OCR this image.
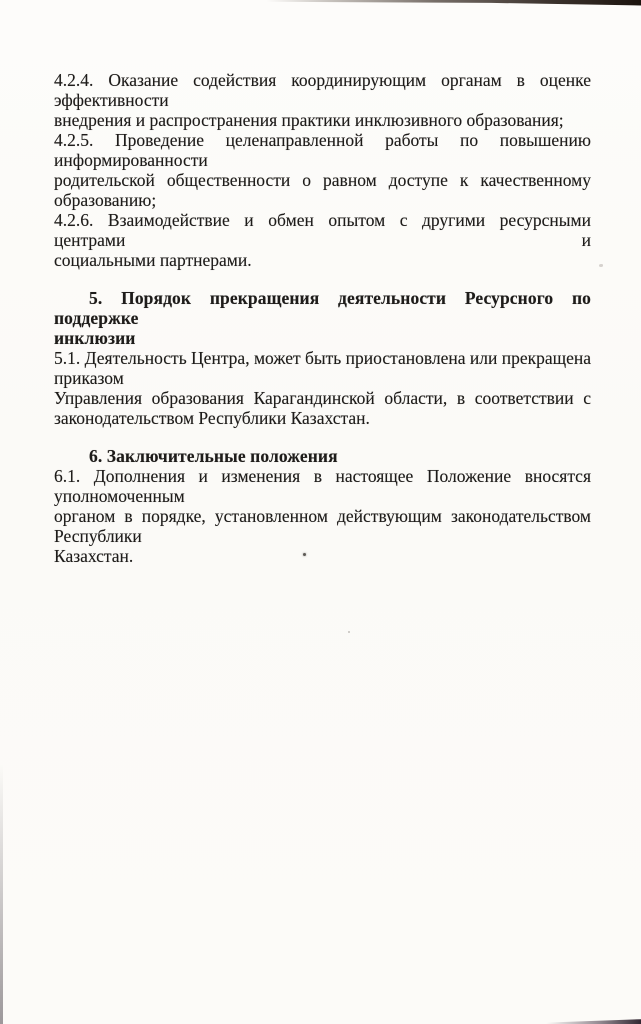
4.2.4. Оказание содействия координирующим органам в оценке эффективности
внедрения и распространения практики инклюзивного образования;

4.2.5. Проведение целенаправленной работы по повышению информированности
родительской общественности о равном доступе к качественному образованию;

4.2.6. Взаимодействие и обмен опытом с другими ресурсными центрами и
социальными партнерами.

5. Порядок прекращения деятельности Ресурсного по поддержке
инклюзии

5.1. Деятельность Центра, может быть приостановлена или прекращена приказом
Управления образования Карагандинской области, в соответствии с
законодательством Республики Казахстан.

6. Заключительные положения

6.1. Дополнения и изменения в настоящее Положение вносятся уполномоченным
органом в порядке, установленном действующим законодательством Республики
Казахстан.
